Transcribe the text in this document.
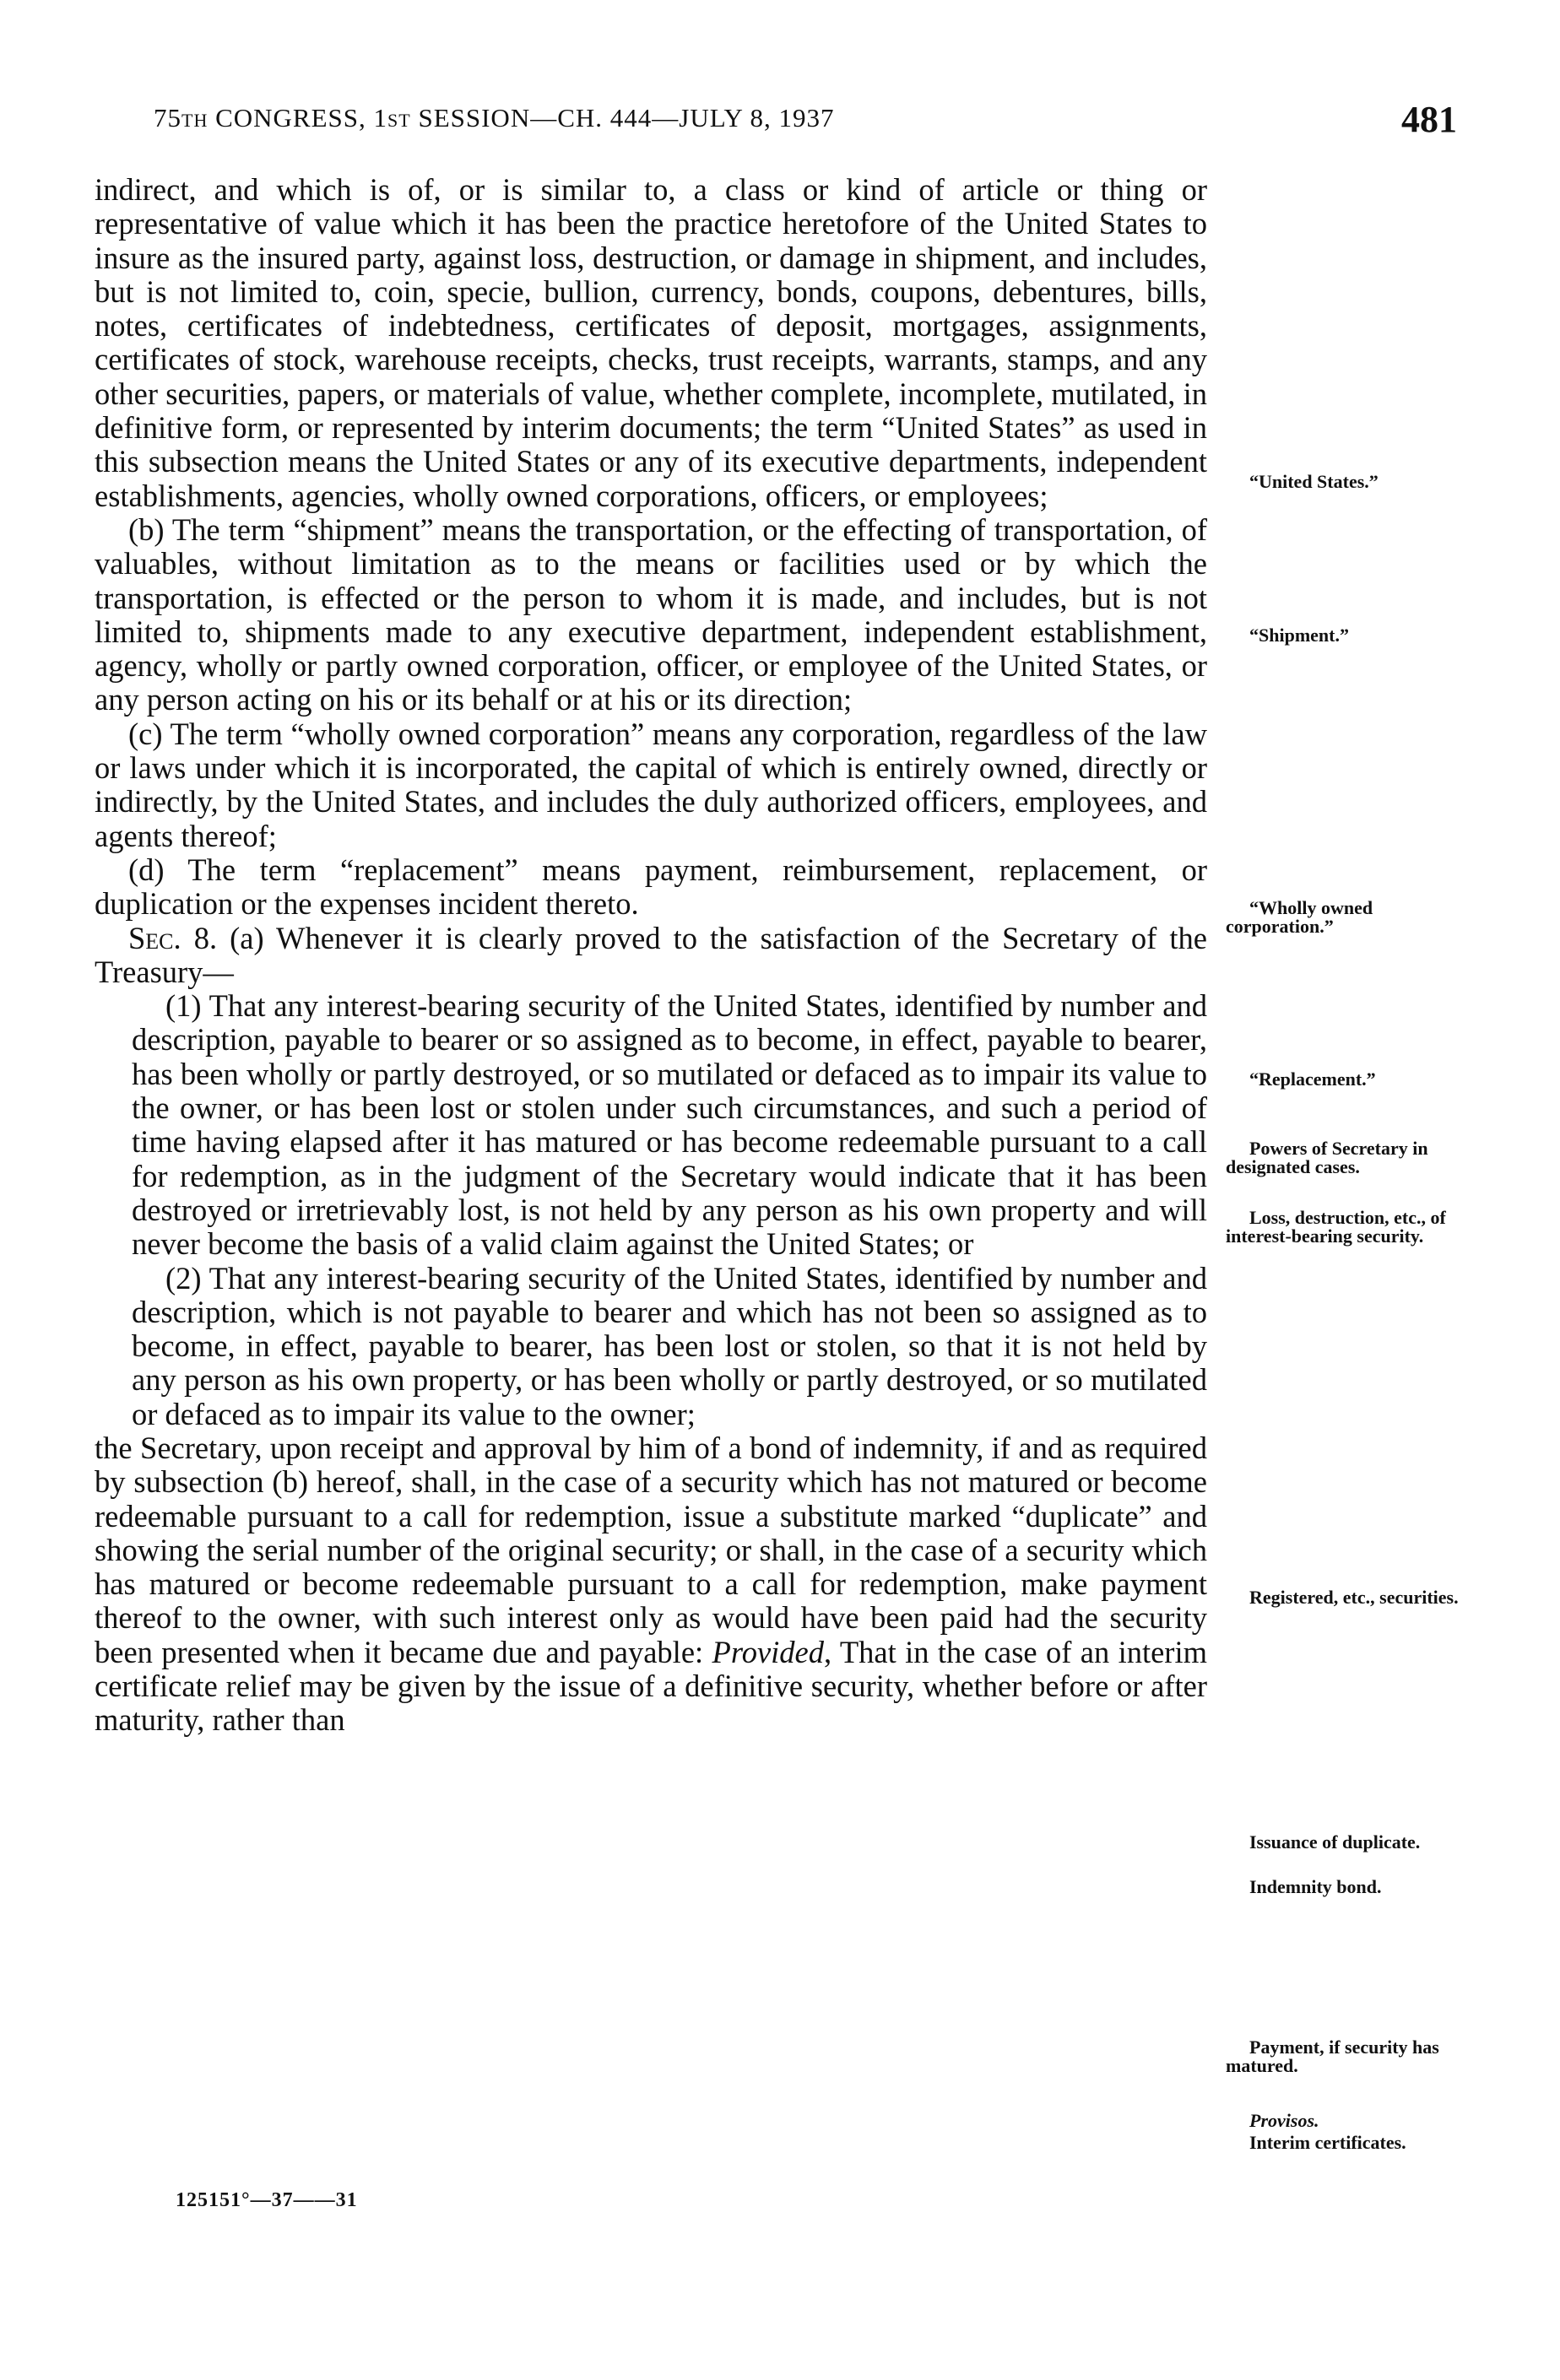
75TH CONGRESS, 1ST SESSION—CH. 444—JULY 8, 1937	481

indirect, and which is of, or is similar to, a class or kind of article or thing or representative of value which it has been the practice heretofore of the United States to insure as the insured party, against loss, destruction, or damage in shipment, and includes, but is not limited to, coin, specie, bullion, currency, bonds, coupons, debentures, bills, notes, certificates of indebtedness, certificates of deposit, mortgages, assignments, certificates of stock, warehouse receipts, checks, trust receipts, warrants, stamps, and any other securities, papers, or materials of value, whether complete, incomplete, mutilated, in definitive form, or represented by interim documents; the term “United States” as used in this subsection means the United States or any of its executive departments, independent establishments, agencies, wholly owned corporations, officers, or employees;

(b) The term “shipment” means the transportation, or the effecting of transportation, of valuables, without limitation as to the means or facilities used or by which the transportation, is effected or the person to whom it is made, and includes, but is not limited to, shipments made to any executive department, independent establishment, agency, wholly or partly owned corporation, officer, or employee of the United States, or any person acting on his or its behalf or at his or its direction;

(c) The term “wholly owned corporation” means any corporation, regardless of the law or laws under which it is incorporated, the capital of which is entirely owned, directly or indirectly, by the United States, and includes the duly authorized officers, employees, and agents thereof;

(d) The term “replacement” means payment, reimbursement, replacement, or duplication or the expenses incident thereto.

Sec. 8. (a) Whenever it is clearly proved to the satisfaction of the Secretary of the Treasury—

(1) That any interest-bearing security of the United States, identified by number and description, payable to bearer or so assigned as to become, in effect, payable to bearer, has been wholly or partly destroyed, or so mutilated or defaced as to impair its value to the owner, or has been lost or stolen under such circumstances, and such a period of time having elapsed after it has matured or has become redeemable pursuant to a call for redemption, as in the judgment of the Secretary would indicate that it has been destroyed or irretrievably lost, is not held by any person as his own property and will never become the basis of a valid claim against the United States; or

(2) That any interest-bearing security of the United States, identified by number and description, which is not payable to bearer and which has not been so assigned as to become, in effect, payable to bearer, has been lost or stolen, so that it is not held by any person as his own property, or has been wholly or partly destroyed, or so mutilated or defaced as to impair its value to the owner;

the Secretary, upon receipt and approval by him of a bond of indemnity, if and as required by subsection (b) hereof, shall, in the case of a security which has not matured or become redeemable pursuant to a call for redemption, issue a substitute marked “duplicate” and showing the serial number of the original security; or shall, in the case of a security which has matured or become redeemable pursuant to a call for redemption, make payment thereof to the owner, with such interest only as would have been paid had the security been presented when it became due and payable: Provided, That in the case of an interim certificate relief may be given by the issue of a definitive security, whether before or after maturity, rather than

“United States.”
“Shipment.”
“Wholly owned corporation.”
“Replacement.”
Powers of Secretary in designated cases.
Loss, destruction, etc., of interest-bearing security.
Registered, etc., securities.
Issuance of duplicate.
Indemnity bond.
Payment, if security has matured.
Provisos.
Interim certificates.
125151°—37——31
